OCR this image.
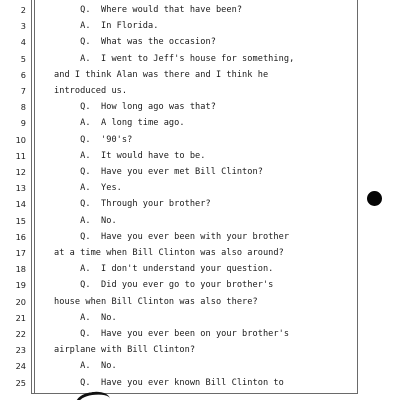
2	Q.  Where would that have been?
3	A.  In Florida.
4	Q.  What was the occasion?
5	A.  I went to Jeff's house for something,
6	and I think Alan was there and I think he
7	introduced us.
8	Q.  How long ago was that?
9	A.  A long time ago.
10	Q.  '90's?
11	A.  It would have to be.
12	Q.  Have you ever met Bill Clinton?
13	A.  Yes.
14	Q.  Through your brother?
15	A.  No.
16	Q.  Have you ever been with your brother
17	at a time when Bill Clinton was also around?
18	A.  I don't understand your question.
19	Q.  Did you ever go to your brother's
20	house when Bill Clinton was also there?
21	A.  No.
22	Q.  Have you ever been on your brother's
23	airplane with Bill Clinton?
24	A.  No.
25	Q.  Have you ever known Bill Clinton to
